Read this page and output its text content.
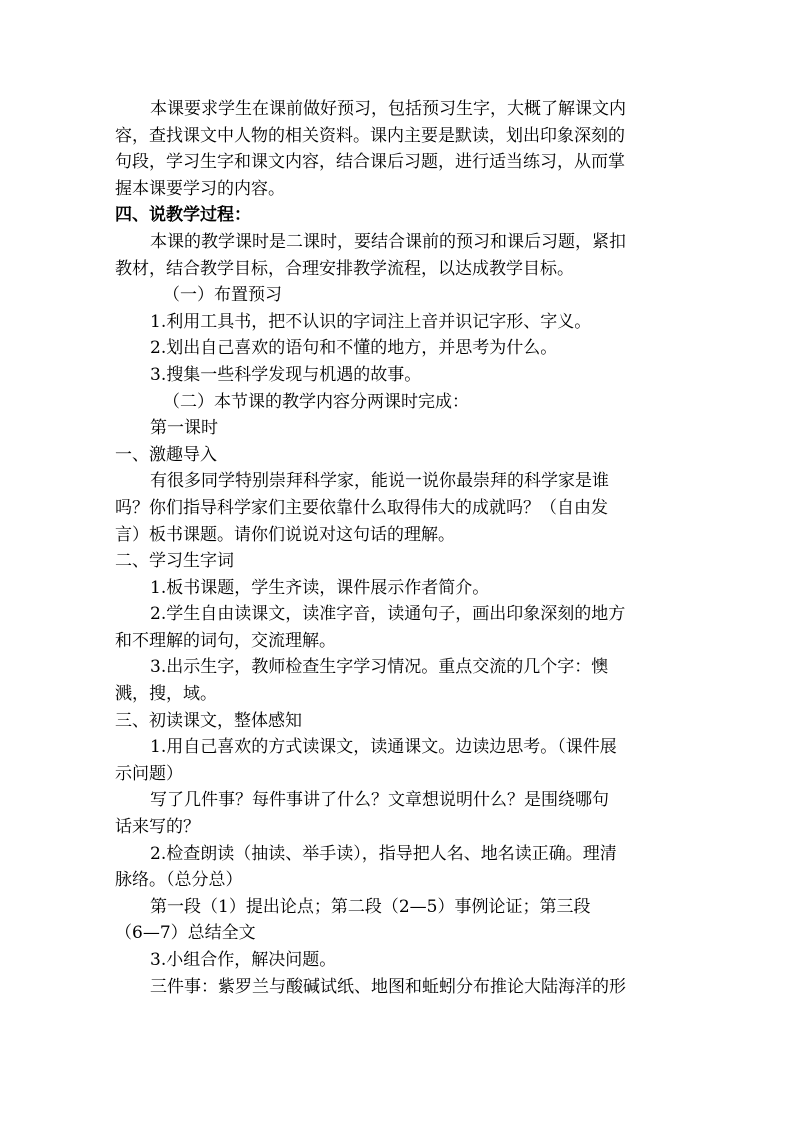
本课要求学生在课前做好预习，包括预习生字，大概了解课文内
容，查找课文中人物的相关资料。课内主要是默读，划出印象深刻的
句段，学习生字和课文内容，结合课后习题，进行适当练习，从而掌
握本课要学习的内容。
四、说教学过程：
本课的教学课时是二课时，要结合课前的预习和课后习题，紧扣
教材，结合教学目标，合理安排教学流程，以达成教学目标。
（一）布置预习
1.利用工具书，把不认识的字词注上音并识记字形、字义。
2.划出自己喜欢的语句和不懂的地方，并思考为什么。
3.搜集一些科学发现与机遇的故事。
（二）本节课的教学内容分两课时完成：
第一课时
一、激趣导入
有很多同学特别崇拜科学家，能说一说你最崇拜的科学家是谁
吗？你们指导科学家们主要依靠什么取得伟大的成就吗？（自由发
言）板书课题。请你们说说对这句话的理解。
二、学习生字词
1.板书课题，学生齐读，课件展示作者简介。
2.学生自由读课文，读准字音，读通句子，画出印象深刻的地方
和不理解的词句，交流理解。
3.出示生字，教师检查生字学习情况。重点交流的几个字：懊
溅，搜，域。
三、初读课文，整体感知
1.用自己喜欢的方式读课文，读通课文。边读边思考。（课件展
示问题）
写了几件事？每件事讲了什么？文章想说明什么？是围绕哪句
话来写的？
2.检查朗读（抽读、举手读），指导把人名、地名读正确。理清
脉络。（总分总）
第一段（1）提出论点；第二段（2—5）事例论证；第三段
（6—7）总结全文
3.小组合作，解决问题。
三件事：紫罗兰与酸碱试纸、地图和蚯蚓分布推论大陆海洋的形
